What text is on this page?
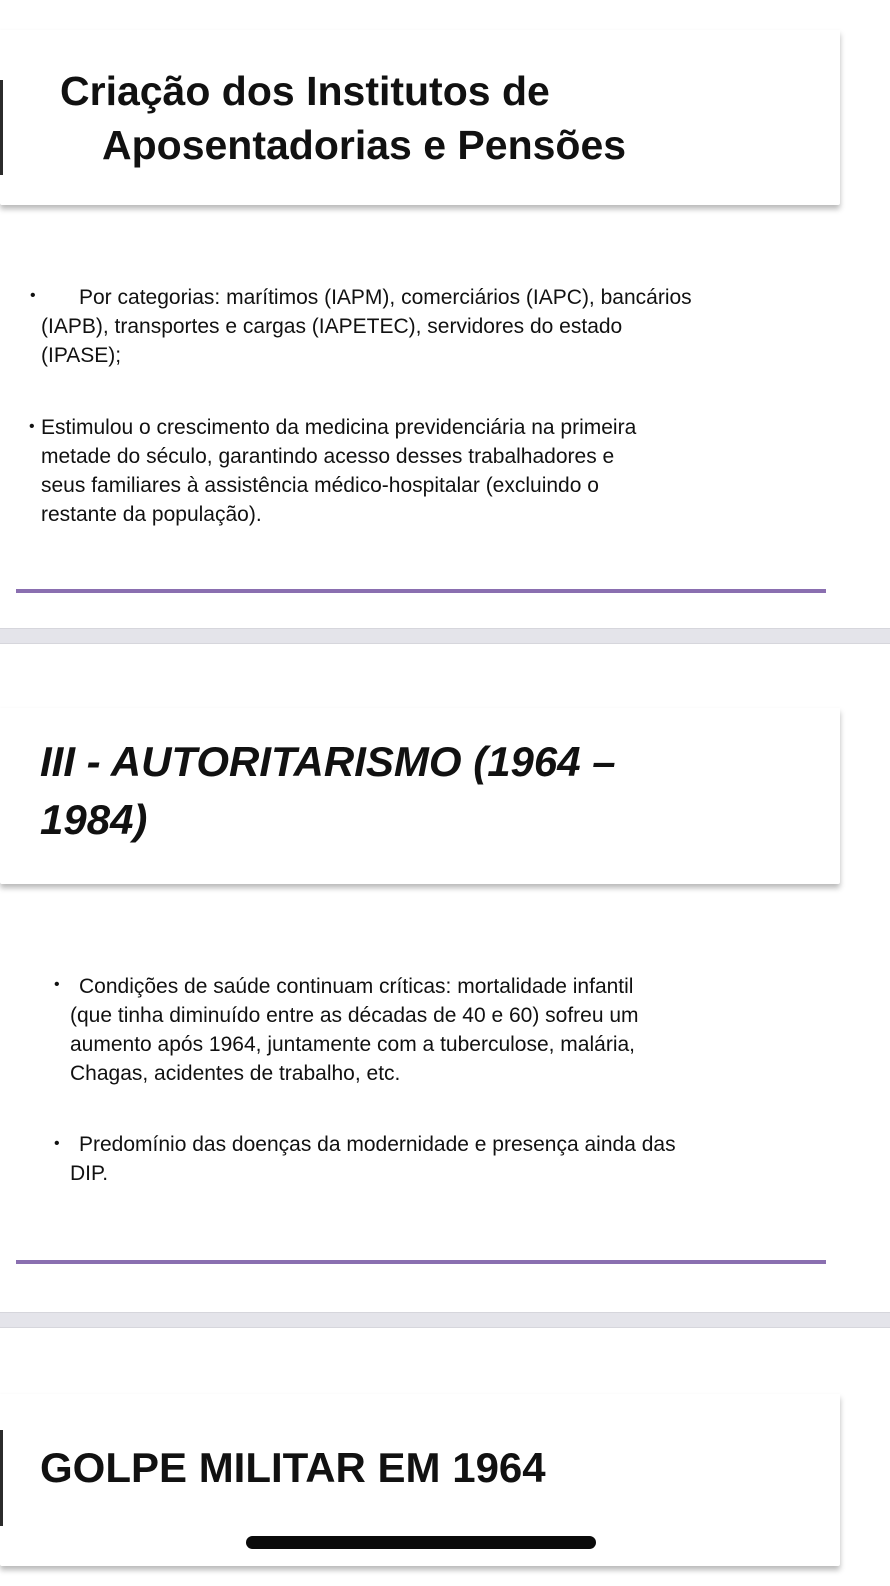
Criação dos Institutos de
Aposentadorias e Pensões
•	Por categorias: marítimos (IAPM), comerciários (IAPC), bancários
(IAPB), transportes e cargas (IAPETEC), servidores do estado
(IPASE);
• Estimulou o crescimento da medicina previdenciária na primeira
metade do século, garantindo acesso desses trabalhadores e
seus familiares à assistência médico-hospitalar (excluindo o
restante da população).
III - AUTORITARISMO (1964 –
1984)
• Condições de saúde continuam críticas: mortalidade infantil
(que tinha diminuído entre as décadas de 40 e 60) sofreu um
aumento após 1964, juntamente com a tuberculose, malária,
Chagas, acidentes de trabalho, etc.
• Predomínio das doenças da modernidade e presença ainda das
DIP.
GOLPE MILITAR EM 1964
